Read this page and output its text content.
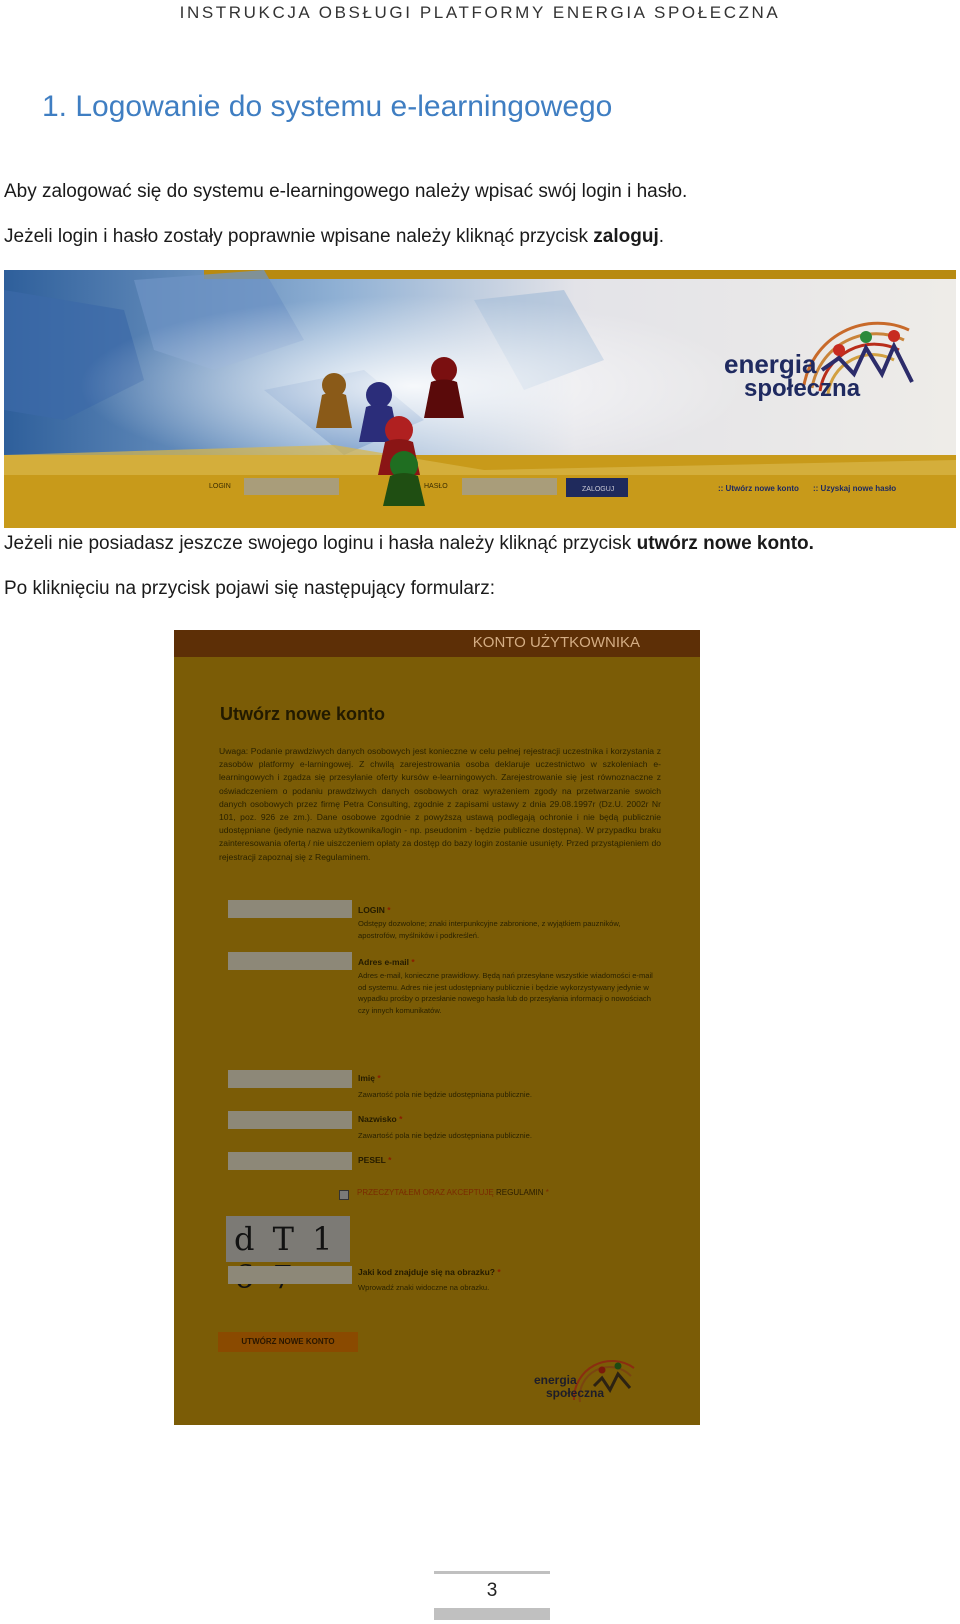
INSTRUKCJA OBSŁUGI PLATFORMY ENERGIA SPOŁECZNA
1. Logowanie do systemu e-learningowego
Aby zalogować się do systemu e-learningowego należy wpisać swój login i hasło.
Jeżeli login i hasło zostały poprawnie wpisane należy kliknąć przycisk zaloguj.
energia
społeczna
LOGIN	HASŁO	ZALOGUJ	:: Utwórz nowe konto :: Uzyskaj nowe hasło
Jeżeli nie posiadasz jeszcze swojego loginu i hasła należy kliknąć przycisk utwórz nowe konto.
Po kliknięciu na przycisk pojawi się następujący formularz:
KONTO UŻYTKOWNIKA
Utwórz nowe konto
Uwaga: Podanie prawdziwych danych osobowych jest konieczne w celu pełnej rejestracji uczestnika i korzystania z zasobów platformy e-larningowej. Z chwilą zarejestrowania osoba deklaruje uczestnictwo w szkoleniach e-learningowych i zgadza się przesyłanie oferty kursów e-learningowych. Zarejestrowanie się jest równoznaczne z oświadczeniem o podaniu prawdziwych danych osobowych oraz wyrażeniem zgody na przetwarzanie swoich danych osobowych przez firmę Petra Consulting, zgodnie z zapisami ustawy z dnia 29.08.1997r (Dz.U. 2002r Nr 101, poz. 926 ze zm.). Dane osobowe zgodnie z powyższą ustawą podlegają ochronie i nie będą publicznie udostępniane (jedynie nazwa użytkownika/login - np. pseudonim - będzie publiczne dostępna). W przypadku braku zainteresowania ofertą / nie uiszczeniem opłaty za dostęp do bazy login zostanie usunięty. Przed przystąpieniem do rejestracji zapoznaj się z Regulaminem.
LOGIN *
Odstępy dozwolone; znaki interpunkcyjne zabronione, z wyjątkiem pauzników, apostrofów, myślników i podkreśleń.
Adres e-mail *
Adres e-mail, konieczne prawidłowy. Będą nań przesyłane wszystkie wiadomości e-mail od systemu. Adres nie jest udostępniany publicznie i będzie wykorzystywany jedynie w wypadku prośby o przesłanie nowego hasła lub do przesyłania informacji o nowościach czy innych komunikatów.
Imię *
Zawartość pola nie będzie udostępniana publicznie.
Nazwisko *
Zawartość pola nie będzie udostępniana publicznie.
PESEL *
PRZECZYTAŁEM ORAZ AKCEPTUJĘ REGULAMIN *
d T 1
Jaki kod znajduje się na obrazku? *
Wprowadź znaki widoczne na obrazku.
UTWÓRZ NOWE KONTO
energia
społeczna
3
